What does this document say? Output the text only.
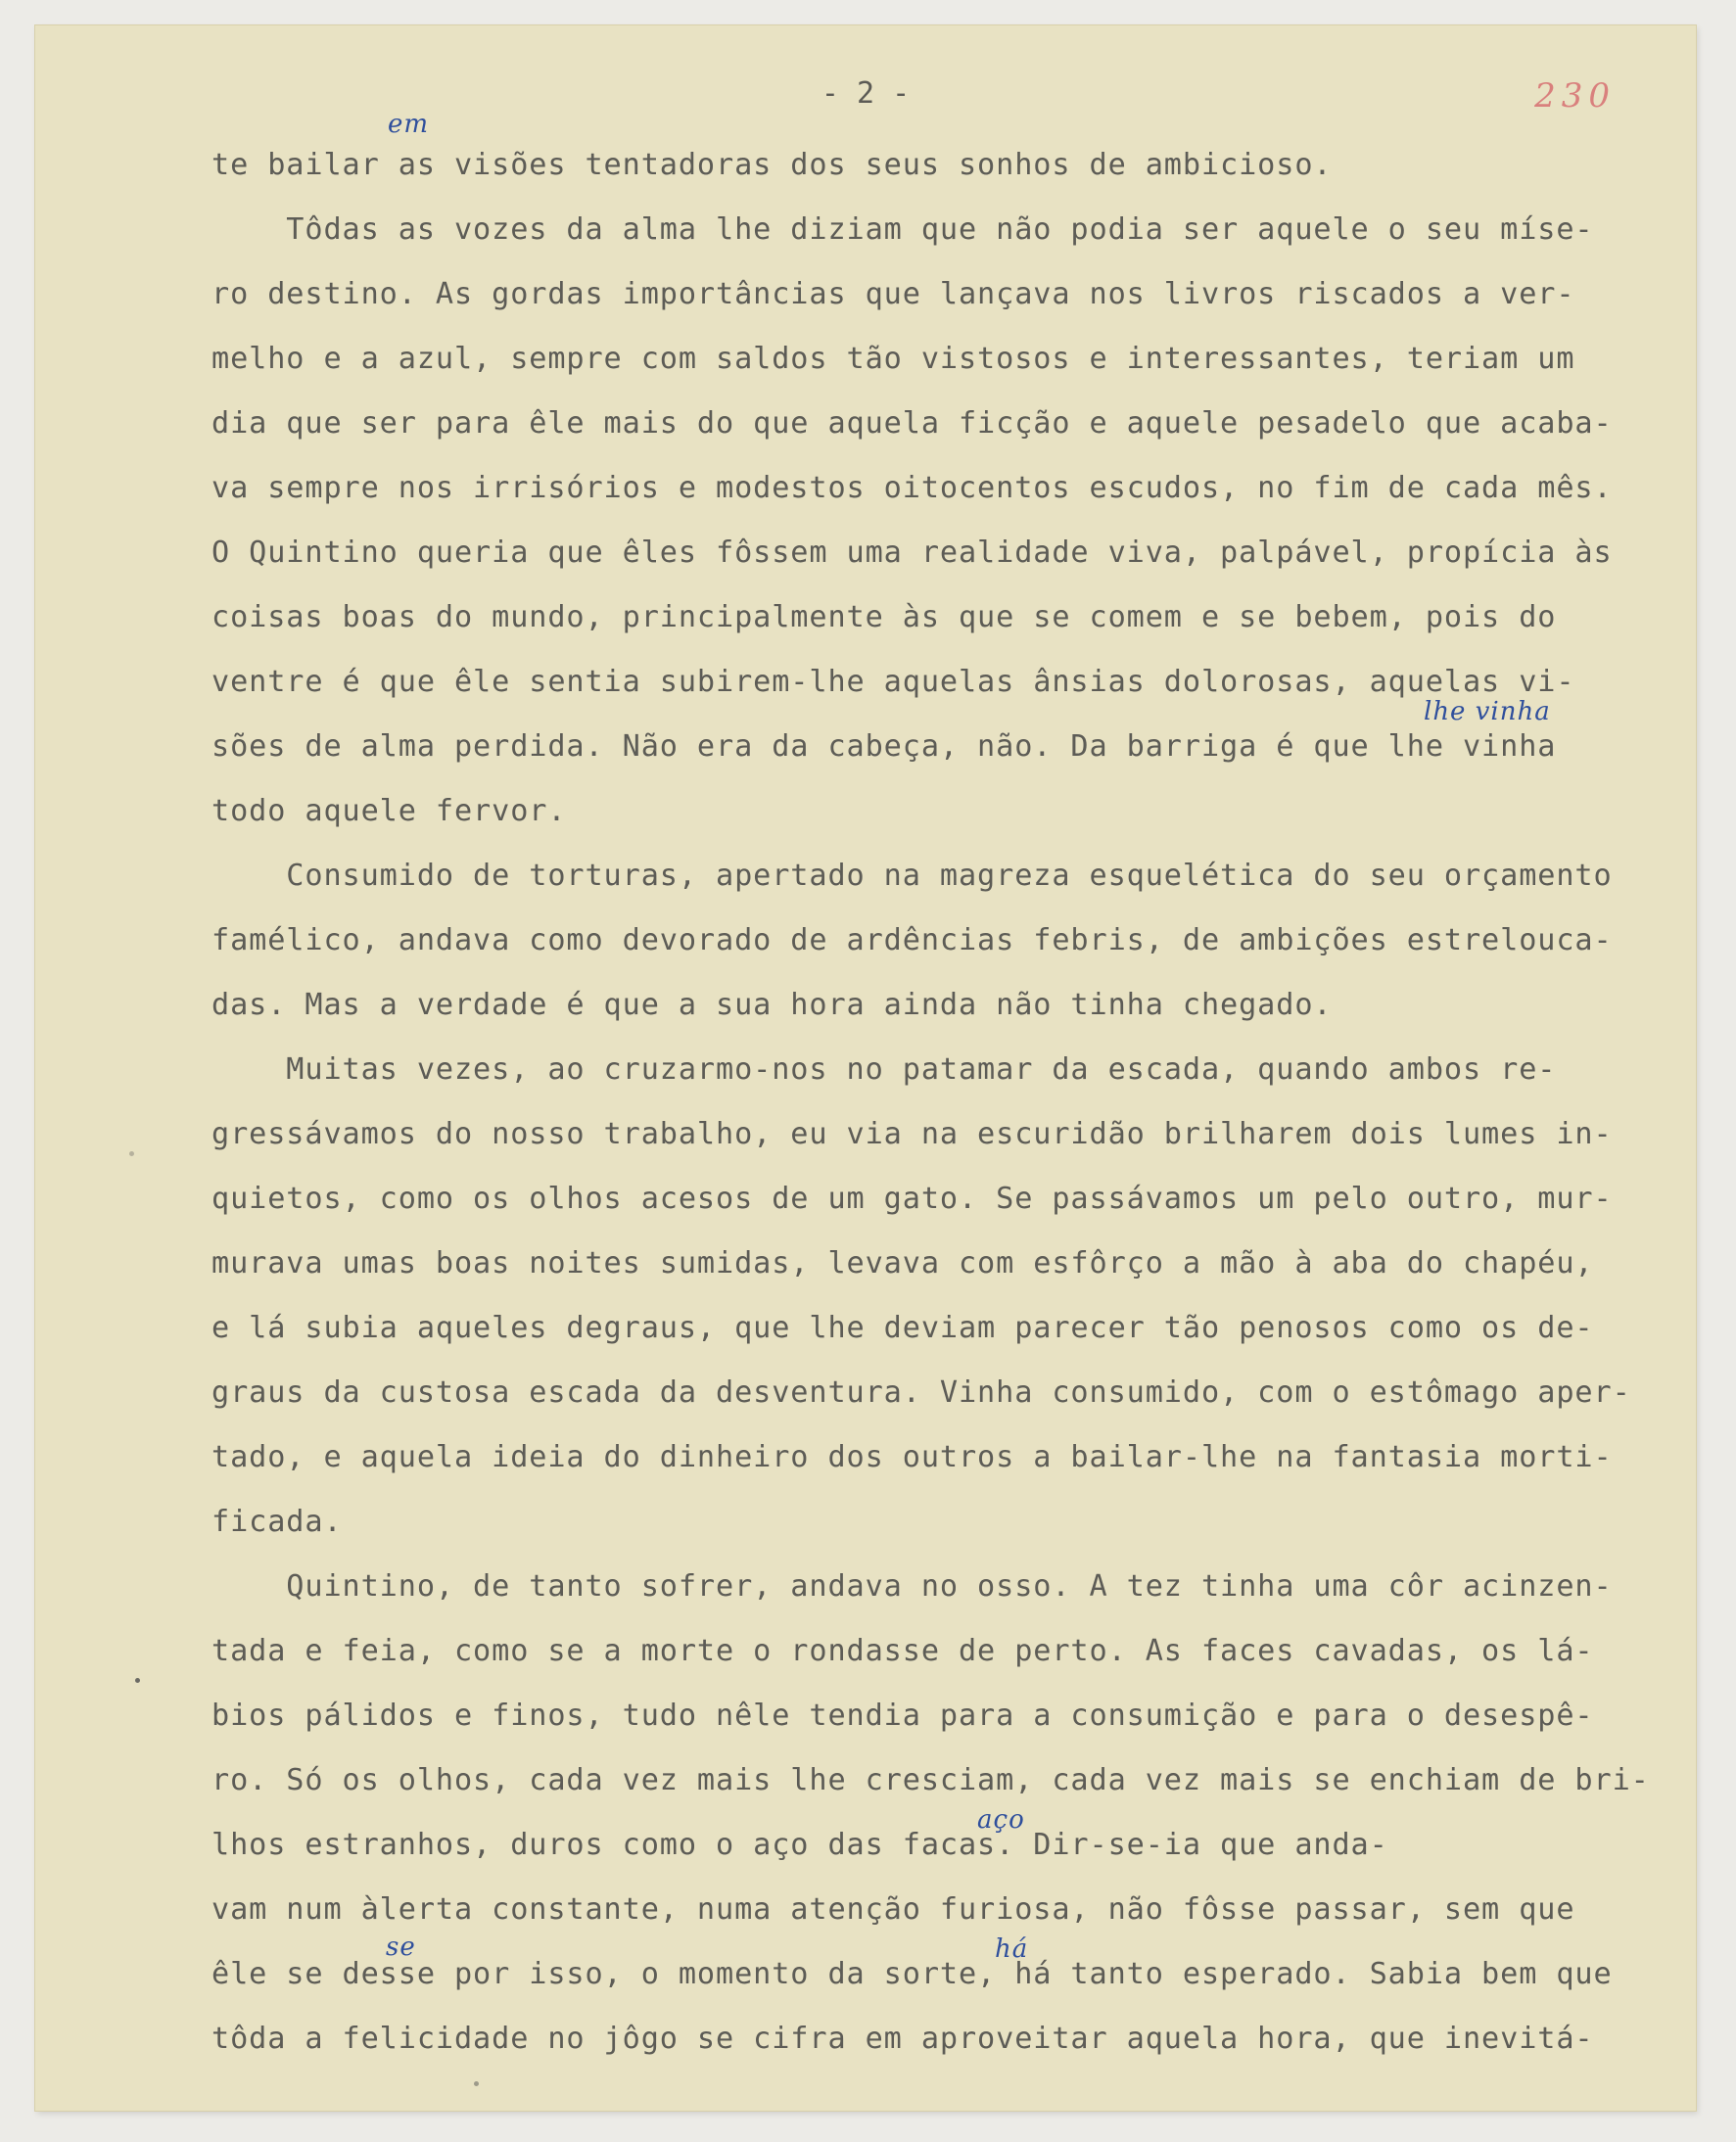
- 2 -	230
te bailar as visões tentadoras dos seus sonhos de ambicioso.
Tôdas as vozes da alma lhe diziam que não podia ser aquele o seu míse-
ro destino. As gordas importâncias que lançava nos livros riscados a ver-
melho e a azul, sempre com saldos tão vistosos e interessantes, teriam um
dia que ser para êle mais do que aquela ficção e aquele pesadelo que acaba-
va sempre nos irrisórios e modestos oitocentos escudos, no fim de cada mês.
O Quintino queria que êles fôssem uma realidade viva, palpável, propícia às
coisas boas do mundo, principalmente às que se comem e se bebem, pois do
ventre é que êle sentia subirem-lhe aquelas ânsias dolorosas, aquelas vi-
sões de alma perdida. Não era da cabeça, não. Da barriga é que lhe vinha
todo aquele fervor.
Consumido de torturas, apertado na magreza esquelética do seu orçamento
famélico, andava como devorado de ardências febris, de ambições estrelouca-
das. Mas a verdade é que a sua hora ainda não tinha chegado.
Muitas vezes, ao cruzarmo-nos no patamar da escada, quando ambos re-
gressávamos do nosso trabalho, eu via na escuridão brilharem dois lumes in-
quietos, como os olhos acesos de um gato. Se passávamos um pelo outro, mur-
murava umas boas noites sumidas, levava com esfôrço a mão à aba do chapéu,
e lá subia aqueles degraus, que lhe deviam parecer tão penosos como os de-
graus da custosa escada da desventura. Vinha consumido, com o estômago aper-
tado, e aquela ideia do dinheiro dos outros a bailar-lhe na fantasia morti-
ficada.
Quintino, de tanto sofrer, andava no osso. A tez tinha uma côr acinzen-
tada e feia, como se a morte o rondasse de perto. As faces cavadas, os lá-
bios pálidos e finos, tudo nêle tendia para a consumição e para o desespê-
ro. Só os olhos, cada vez mais lhe cresciam, cada vez mais se enchiam de bri-
lhos estranhos, duros como o aço das facas. Dir-se-ia que anda-
vam num àlerta constante, numa atenção furiosa, não fôsse passar, sem que
êle se desse por isso, o momento da sorte, há tanto esperado. Sabia bem que
tôda a felicidade no jôgo se cifra em aproveitar aquela hora, que inevitá-
em
lhe vinha
aço
se	há
